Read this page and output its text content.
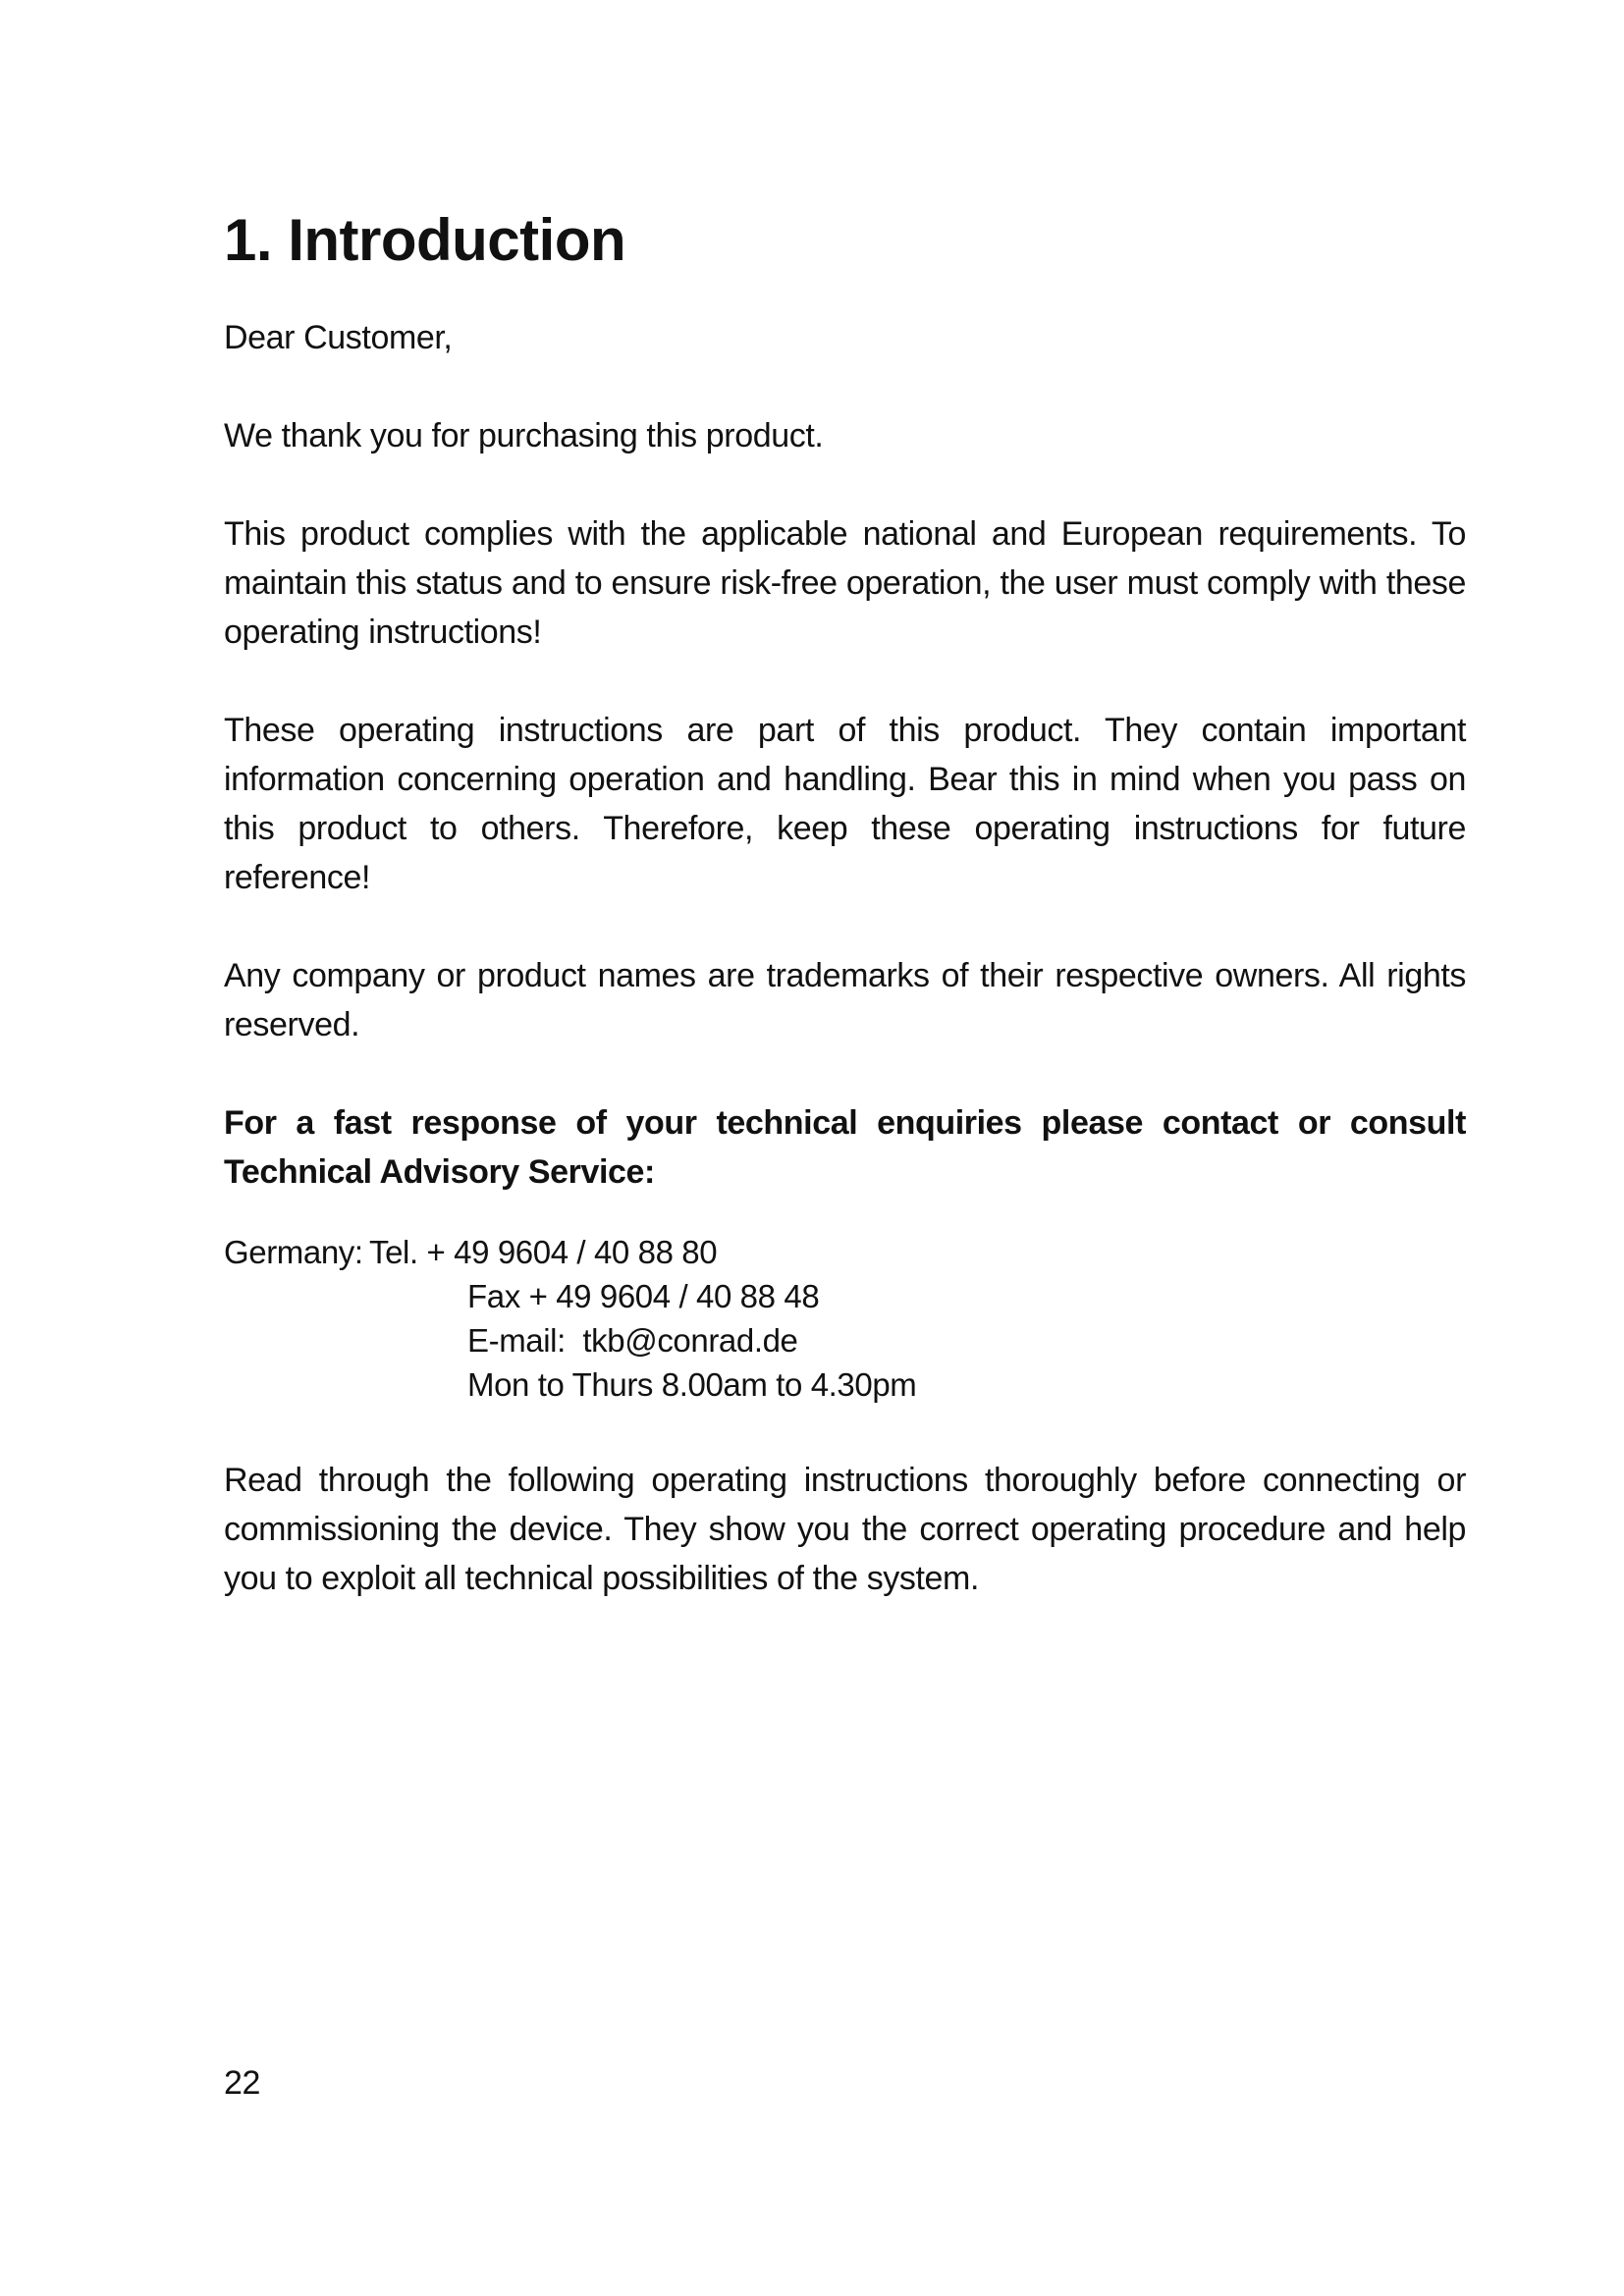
1. Introduction

Dear Customer,

We thank you for purchasing this product.

This product complies with the applicable national and European requirements. To maintain this status and to ensure risk-free operation, the user must comply with these operating instructions!

These operating instructions are part of this product. They contain important information concerning operation and handling. Bear this in mind when you pass on this product to others. Therefore, keep these operating instructions for future reference!

Any company or product names are trademarks of their respective owners. All rights reserved.

For a fast response of your technical enquiries please contact or consult Technical Advisory Service:

Germany: Tel. + 49 9604 / 40 88 80
Fax + 49 9604 / 40 88 48
E-mail:  tkb@conrad.de
Mon to Thurs 8.00am to 4.30pm

Read through the following operating instructions thoroughly before connecting or commissioning the device. They show you the correct operating procedure and help you to exploit all technical possibilities of the system.

22
